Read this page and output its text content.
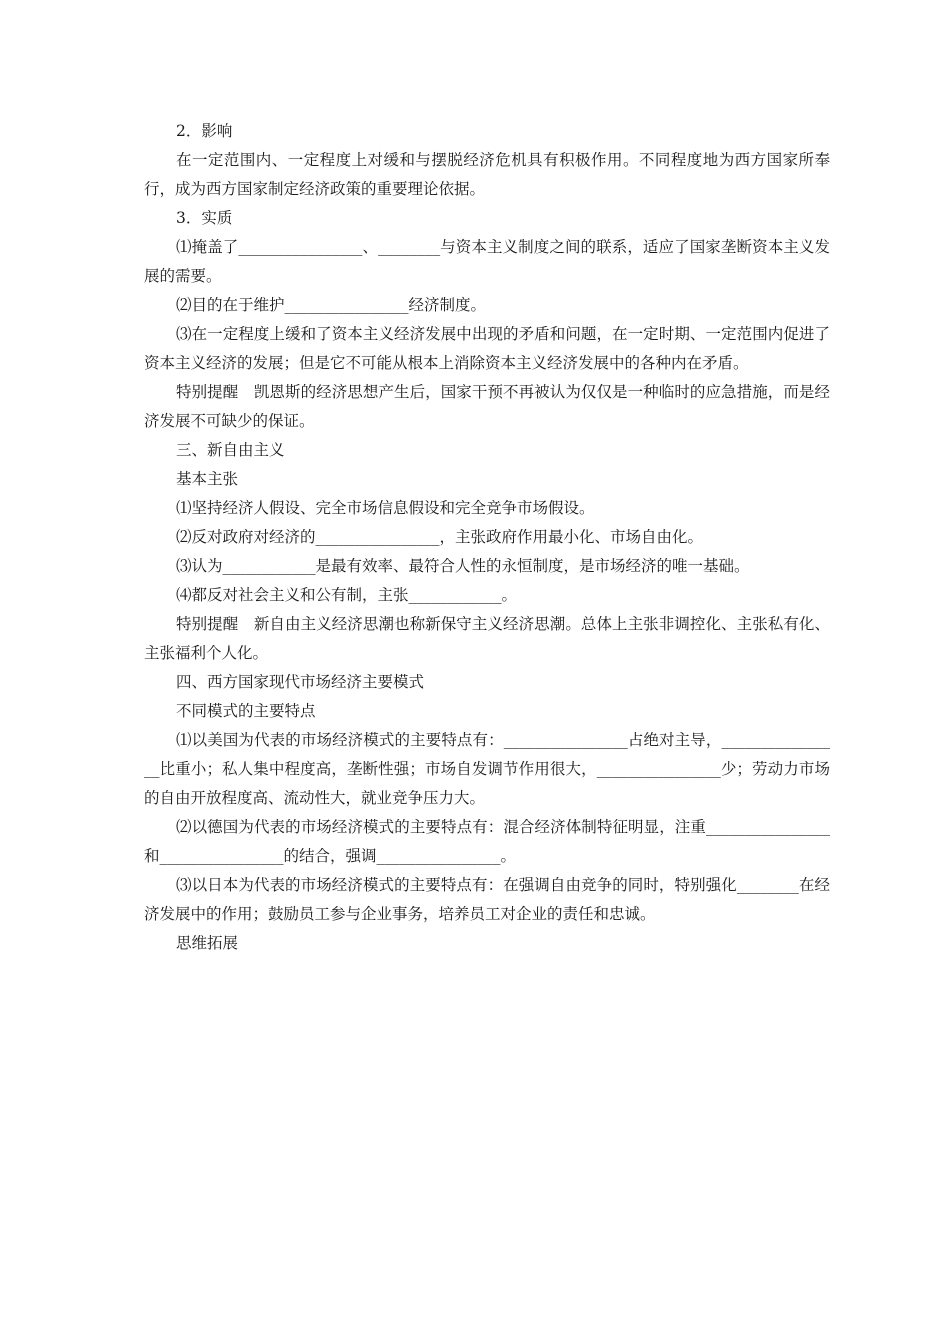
2．影响

在一定范围内、一定程度上对缓和与摆脱经济危机具有积极作用。不同程度地为西方国家所奉行，成为西方国家制定经济政策的重要理论依据。

3．实质

⑴掩盖了________________、________与资本主义制度之间的联系，适应了国家垄断资本主义发展的需要。

⑵目的在于维护________________经济制度。

⑶在一定程度上缓和了资本主义经济发展中出现的矛盾和问题，在一定时期、一定范围内促进了资本主义经济的发展；但是它不可能从根本上消除资本主义经济发展中的各种内在矛盾。

特别提醒　凯恩斯的经济思想产生后，国家干预不再被认为仅仅是一种临时的应急措施，而是经济发展不可缺少的保证。

三、新自由主义

基本主张

⑴坚持经济人假设、完全市场信息假设和完全竞争市场假设。

⑵反对政府对经济的________________，主张政府作用最小化、市场自由化。

⑶认为____________是最有效率、最符合人性的永恒制度，是市场经济的唯一基础。

⑷都反对社会主义和公有制，主张____________。

特别提醒　新自由主义经济思潮也称新保守主义经济思潮。总体上主张非调控化、主张私有化、主张福利个人化。

四、西方国家现代市场经济主要模式

不同模式的主要特点

⑴以美国为代表的市场经济模式的主要特点有：________________占绝对主导，________________比重小；私人集中程度高，垄断性强；市场自发调节作用很大，________________少；劳动力市场的自由开放程度高、流动性大，就业竞争压力大。

⑵以德国为代表的市场经济模式的主要特点有：混合经济体制特征明显，注重________________和________________的结合，强调________________。

⑶以日本为代表的市场经济模式的主要特点有：在强调自由竞争的同时，特别强化________在经济发展中的作用；鼓励员工参与企业事务，培养员工对企业的责任和忠诚。

思维拓展
